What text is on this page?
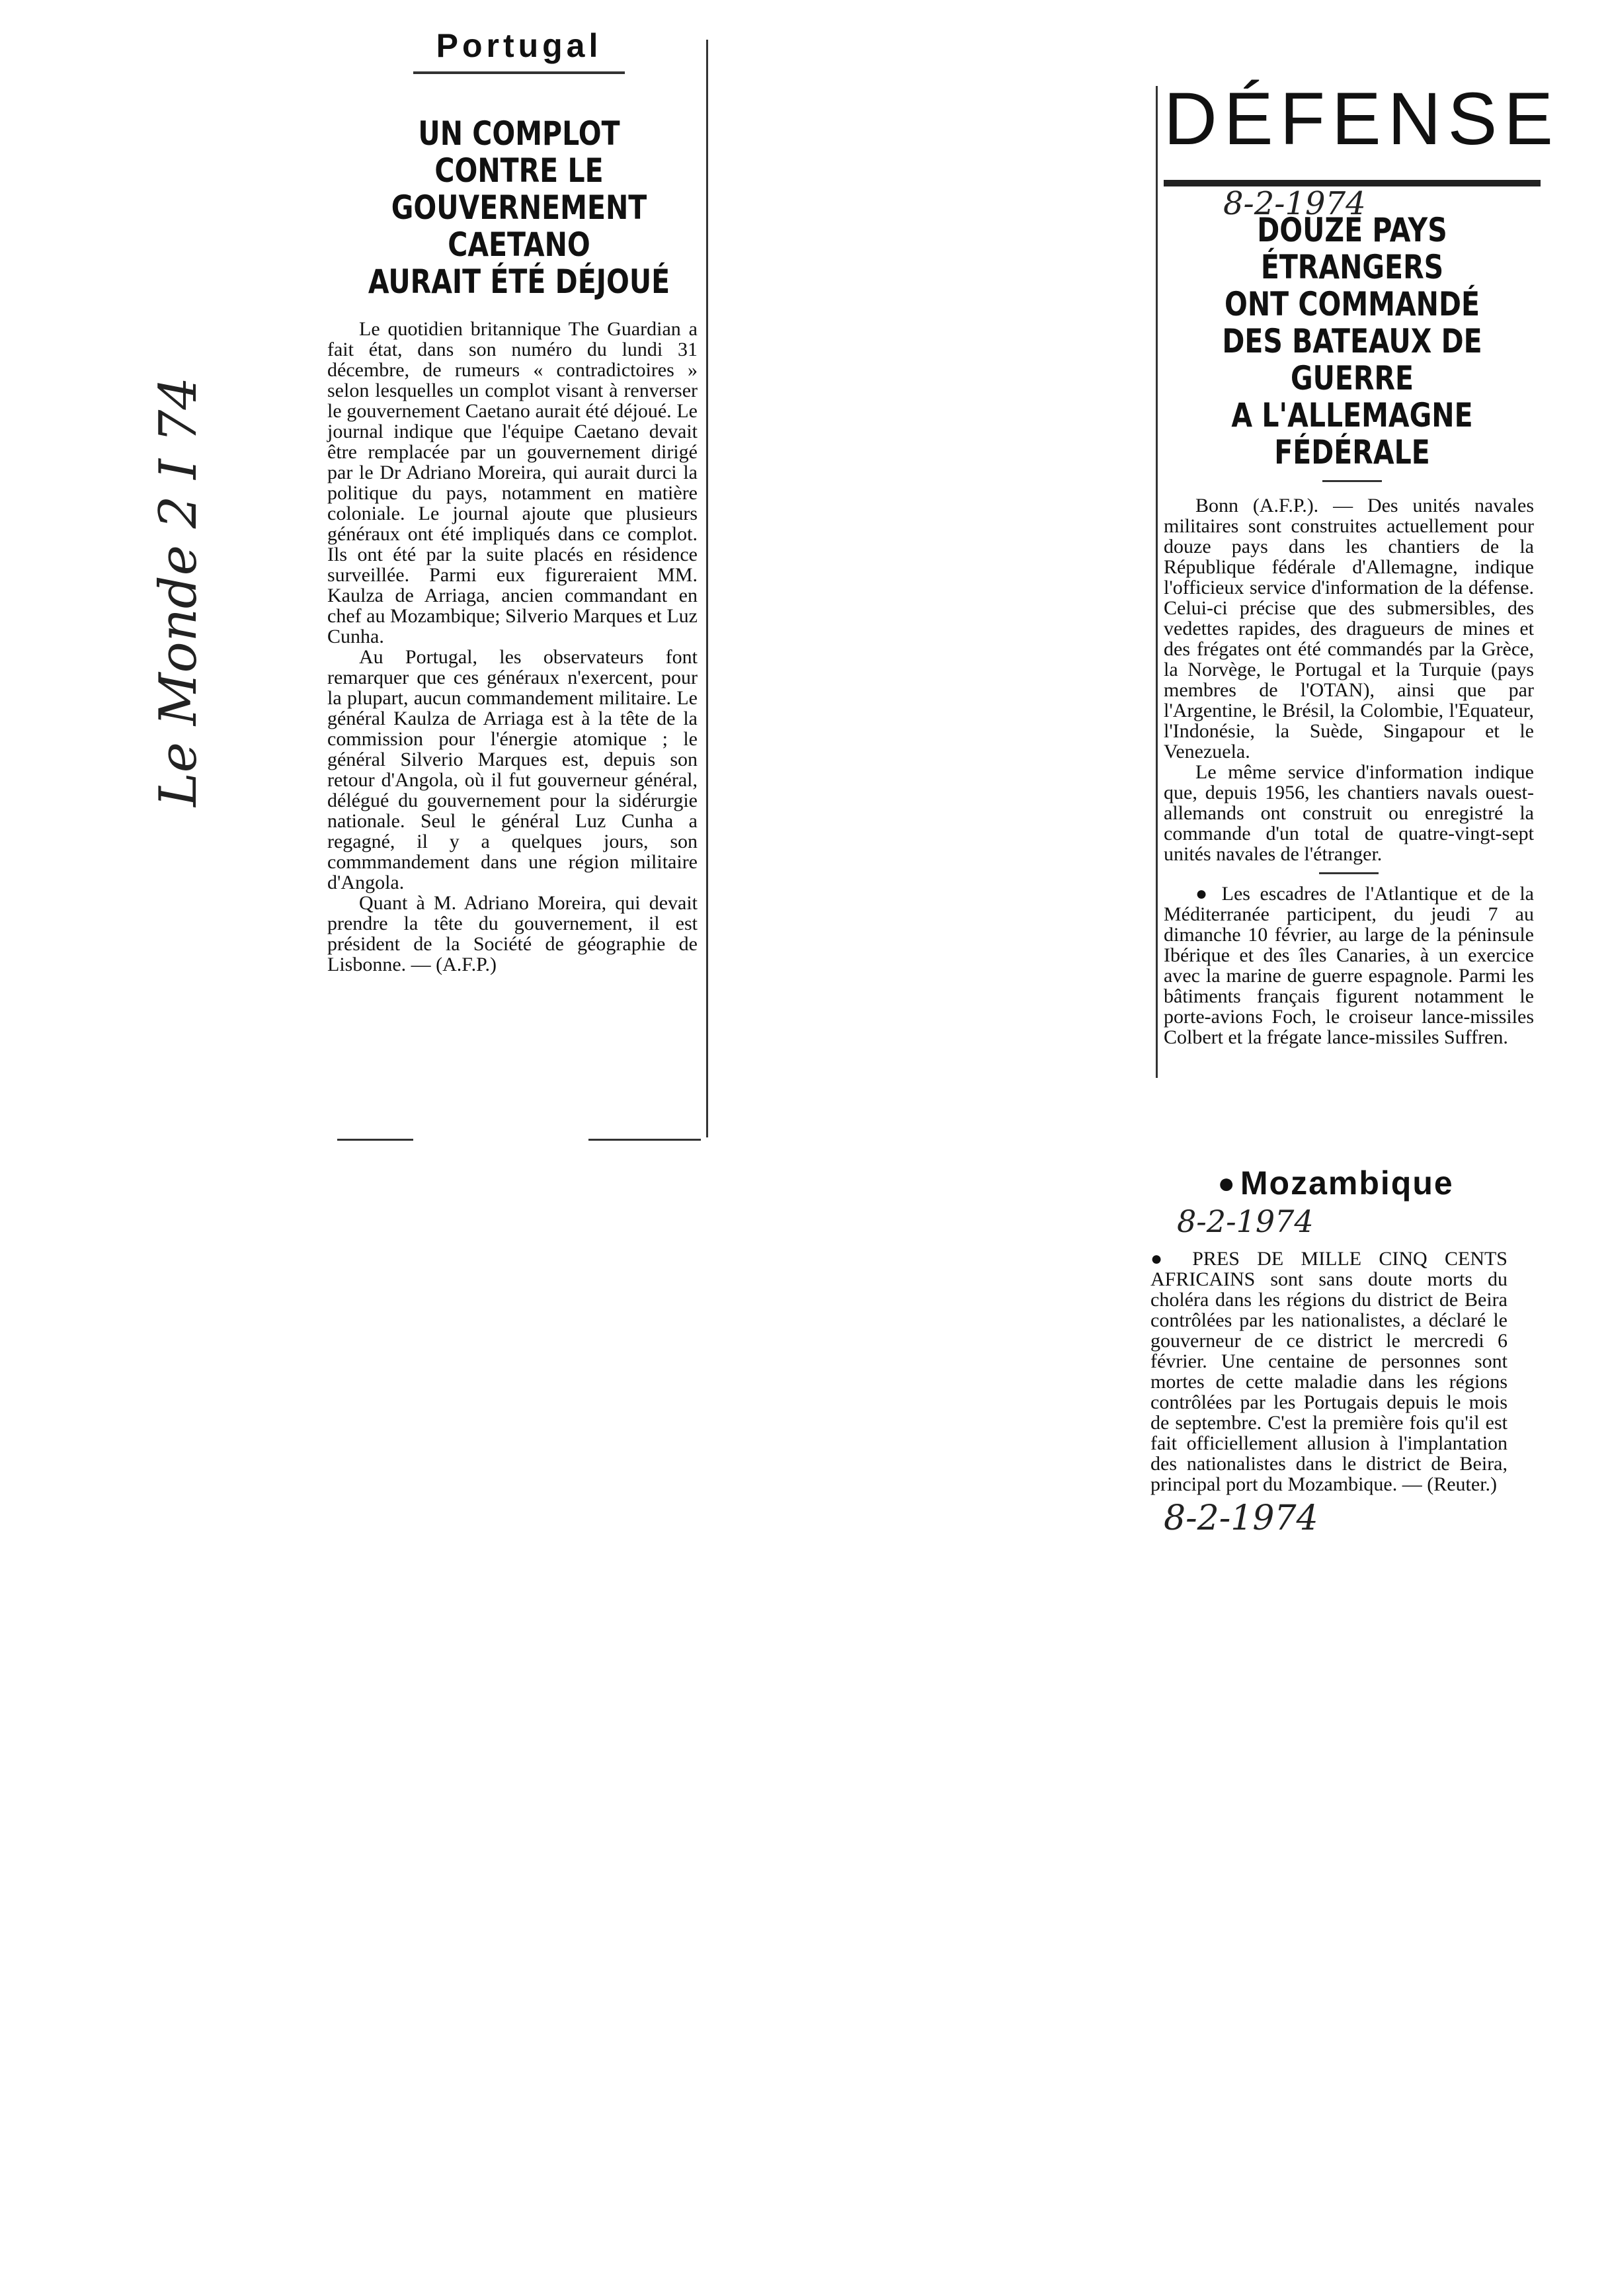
Portugal

UN COMPLOT

CONTRE LE GOUVERNEMENT

CAETANO

AURAIT ÉTÉ DÉJOUÉ

Le quotidien britannique The Guardian a fait état, dans son numéro du lundi 31 décembre, de rumeurs « contradictoires » selon lesquelles un complot visant à renverser le gouvernement Caetano aurait été déjoué. Le journal indique que l'équipe Caetano devait être remplacée par un gouvernement dirigé par le Dr Adriano Moreira, qui aurait durci la politique du pays, notamment en matière coloniale. Le journal ajoute que plusieurs généraux ont été impliqués dans ce complot. Ils ont été par la suite placés en résidence surveillée. Parmi eux figureraient MM. Kaulza de Arriaga, ancien commandant en chef au Mozambique; Silverio Marques et Luz Cunha.

Au Portugal, les observateurs font remarquer que ces généraux n'exercent, pour la plupart, aucun commandement militaire. Le général Kaulza de Arriaga est à la tête de la commission pour l'énergie atomique ; le général Silverio Marques est, depuis son retour d'Angola, où il fut gouverneur général, délégué du gouvernement pour la sidérurgie nationale. Seul le général Luz Cunha a regagné, il y a quelques jours, son commmandement dans une région militaire d'Angola.

Quant à M. Adriano Moreira, qui devait prendre la tête du gouvernement, il est président de la Société de géographie de Lisbonne. — (A.F.P.)

Le Monde 2 I 74
DÉFENSE
8-2-1974

DOUZE PAYS ÉTRANGERS

ONT COMMANDÉ

DES BATEAUX DE GUERRE

A L'ALLEMAGNE FÉDÉRALE

Bonn (A.F.P.). — Des unités navales militaires sont construites actuellement pour douze pays dans les chantiers de la République fédérale d'Allemagne, indique l'officieux service d'information de la défense. Celui-ci précise que des submersibles, des vedettes rapides, des dragueurs de mines et des frégates ont été commandés par la Grèce, la Norvège, le Portugal et la Turquie (pays membres de l'OTAN), ainsi que par l'Argentine, le Brésil, la Colombie, l'Equateur, l'Indonésie, la Suède, Singapour et le Venezuela.

Le même service d'information indique que, depuis 1956, les chantiers navals ouest-allemands ont construit ou enregistré la commande d'un total de quatre-vingt-sept unités navales de l'étranger.

● Les escadres de l'Atlantique et de la Méditerranée participent, du jeudi 7 au dimanche 10 février, au large de la péninsule Ibérique et des îles Canaries, à un exercice avec la marine de guerre espagnole. Parmi les bâtiments français figurent notamment le porte-avions Foch, le croiseur lance-missiles Colbert et la frégate lance-missiles Suffren.

● Mozambique
8-2-1974

● PRES DE MILLE CINQ CENTS AFRICAINS sont sans doute morts du choléra dans les régions du district de Beira contrôlées par les nationalistes, a déclaré le gouverneur de ce district le mercredi 6 février. Une centaine de personnes sont mortes de cette maladie dans les régions contrôlées par les Portugais depuis le mois de septembre. C'est la première fois qu'il est fait officiellement allusion à l'implantation des nationalistes dans le district de Beira, principal port du Mozambique. — (Reuter.)

8-2-1974
